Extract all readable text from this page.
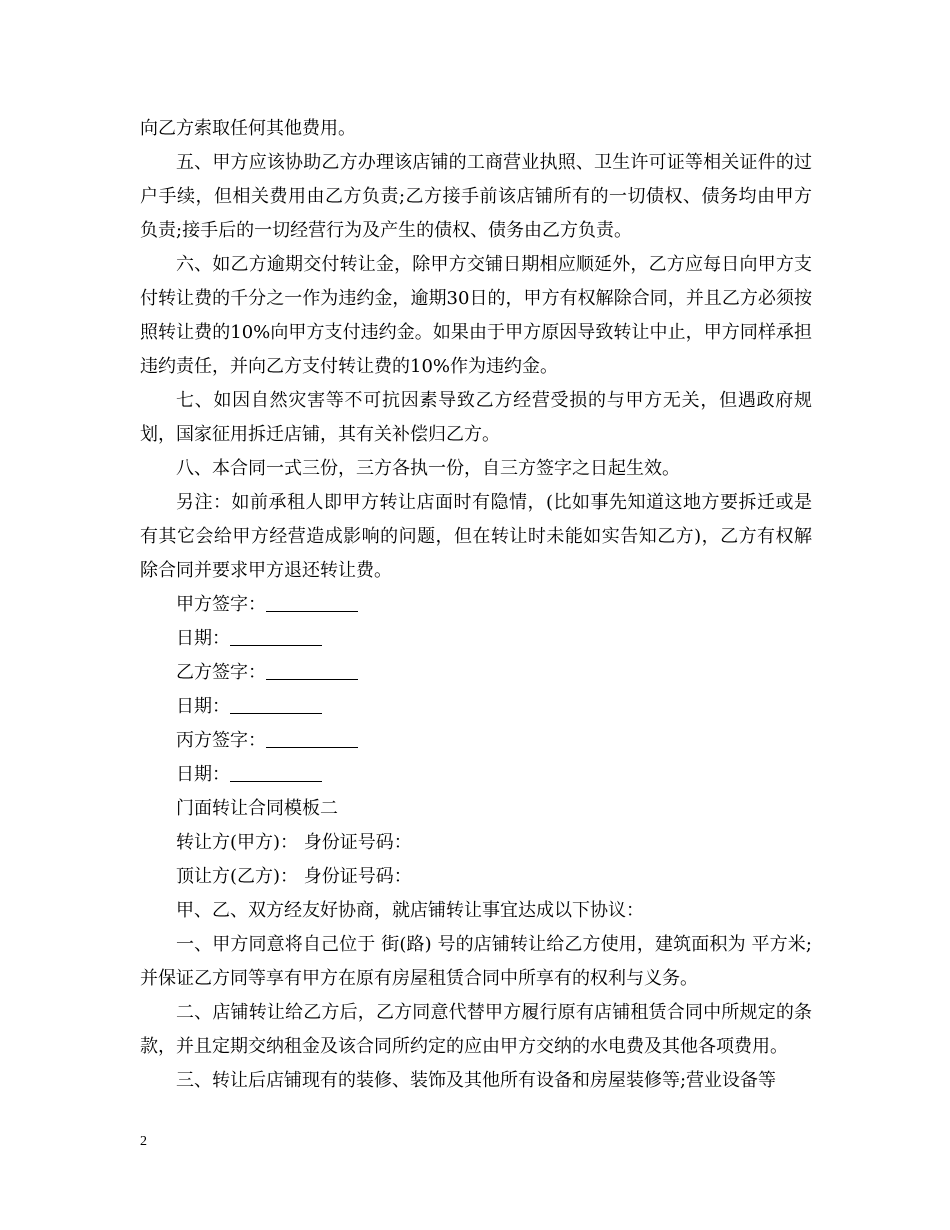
向乙方索取任何其他费用。

五、甲方应该协助乙方办理该店铺的工商营业执照、卫生许可证等相关证件的过户手续，但相关费用由乙方负责;乙方接手前该店铺所有的一切债权、债务均由甲方负责;接手后的一切经营行为及产生的债权、债务由乙方负责。

六、如乙方逾期交付转让金，除甲方交铺日期相应顺延外，乙方应每日向甲方支付转让费的千分之一作为违约金，逾期30日的，甲方有权解除合同，并且乙方必须按照转让费的10%向甲方支付违约金。如果由于甲方原因导致转让中止，甲方同样承担违约责任，并向乙方支付转让费的10%作为违约金。

七、如因自然灾害等不可抗因素导致乙方经营受损的与甲方无关，但遇政府规划，国家征用拆迁店铺，其有关补偿归乙方。

八、本合同一式三份，三方各执一份，自三方签字之日起生效。

另注：如前承租人即甲方转让店面时有隐情，(比如事先知道这地方要拆迁或是有其它会给甲方经营造成影响的问题，但在转让时未能如实告知乙方)，乙方有权解除合同并要求甲方退还转让费。

甲方签字：

日期：

乙方签字：

日期：

丙方签字：

日期：

门面转让合同模板二

转让方(甲方)： 身份证号码：

顶让方(乙方)： 身份证号码：

甲、乙、双方经友好协商，就店铺转让事宜达成以下协议：

一、甲方同意将自己位于 街(路) 号的店铺转让给乙方使用，建筑面积为 平方米;并保证乙方同等享有甲方在原有房屋租赁合同中所享有的权利与义务。

二、店铺转让给乙方后，乙方同意代替甲方履行原有店铺租赁合同中所规定的条款，并且定期交纳租金及该合同所约定的应由甲方交纳的水电费及其他各项费用。

三、转让后店铺现有的装修、装饰及其他所有设备和房屋装修等;营业设备等

2
